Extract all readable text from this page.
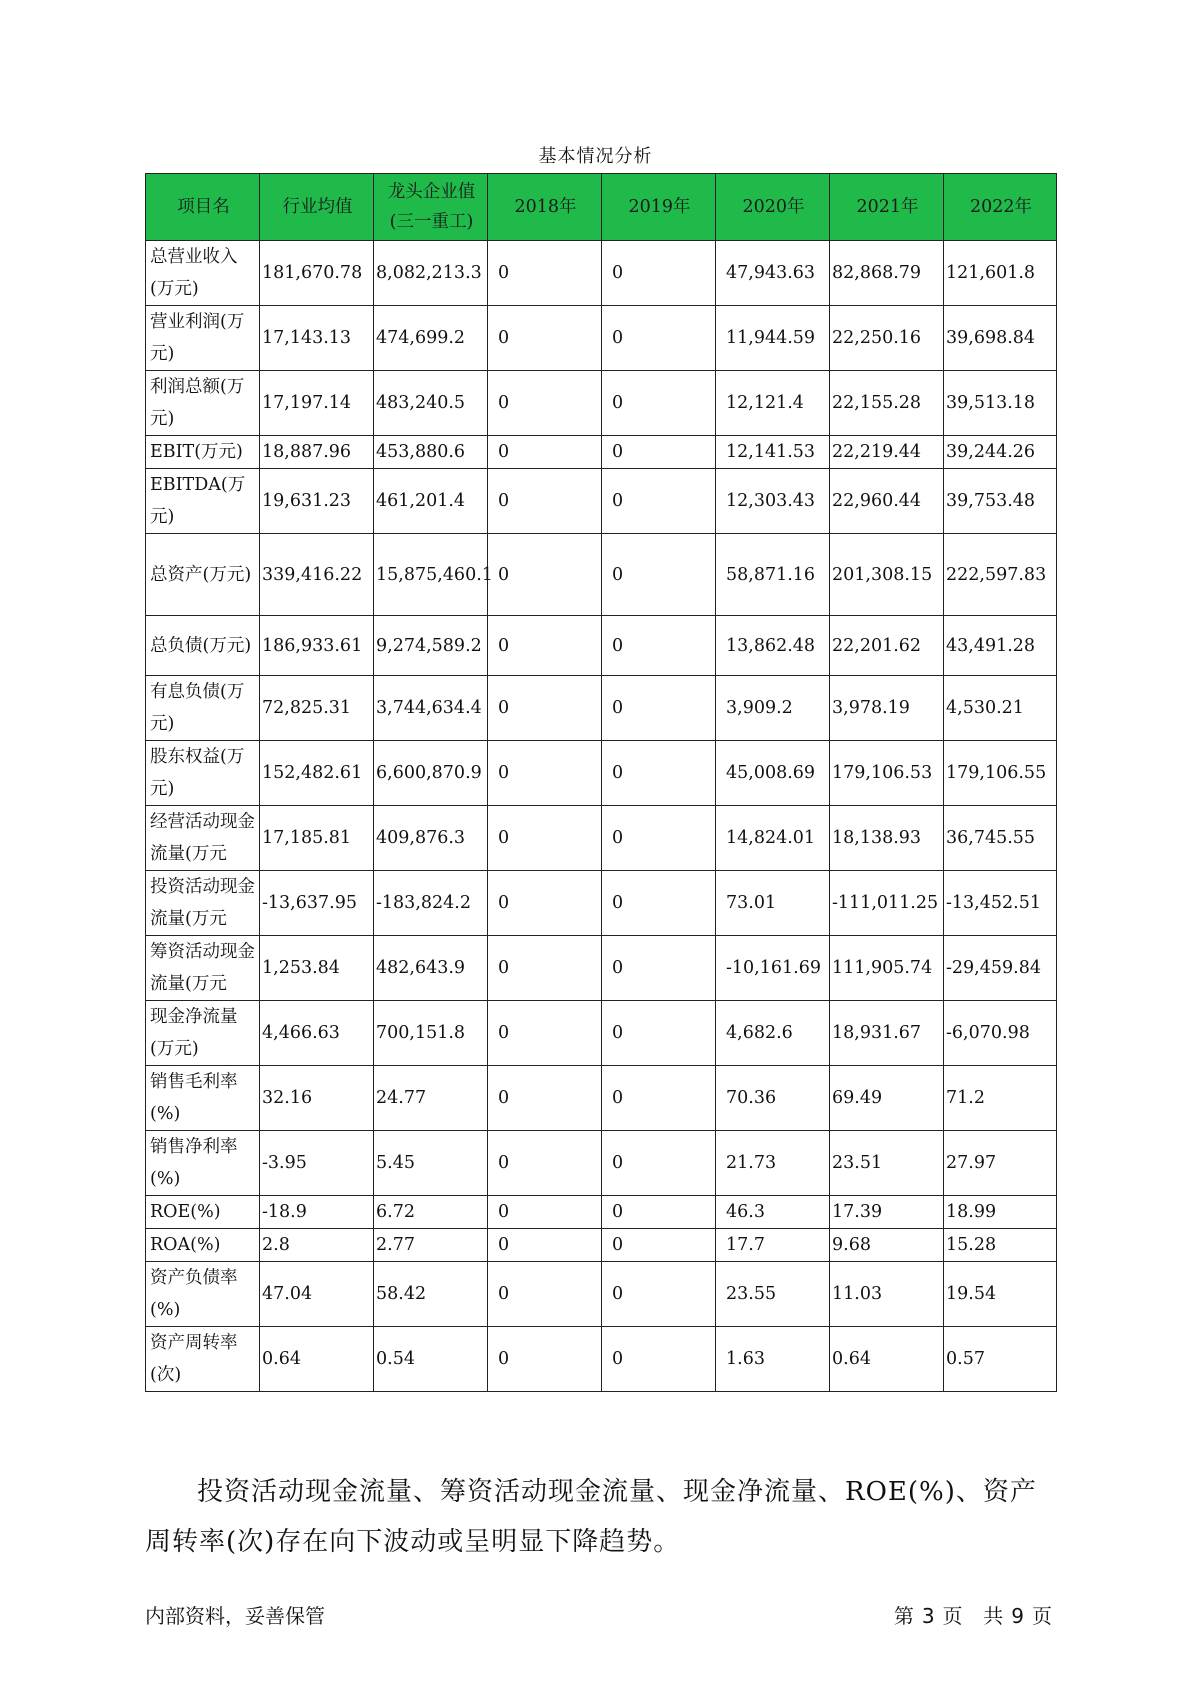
基本情况分析
项目名	行业均值	龙头企业值(三一重工)	2018年	2019年	2020年	2021年	2022年
总营业收入(万元)	181,670.78	8,082,213.3	0	0	47,943.63	82,868.79	121,601.8
营业利润(万元)	17,143.13	474,699.2	0	0	11,944.59	22,250.16	39,698.84
利润总额(万元)	17,197.14	483,240.5	0	0	12,121.4	22,155.28	39,513.18
EBIT(万元)	18,887.96	453,880.6	0	0	12,141.53	22,219.44	39,244.26
EBITDA(万元)	19,631.23	461,201.4	0	0	12,303.43	22,960.44	39,753.48
总资产(万元)	339,416.22	15,875,460.1	0	0	58,871.16	201,308.15	222,597.83
总负债(万元)	186,933.61	9,274,589.2	0	0	13,862.48	22,201.62	43,491.28
有息负债(万元)	72,825.31	3,744,634.4	0	0	3,909.2	3,978.19	4,530.21
股东权益(万元)	152,482.61	6,600,870.9	0	0	45,008.69	179,106.53	179,106.55
经营活动现金流量(万元	17,185.81	409,876.3	0	0	14,824.01	18,138.93	36,745.55
投资活动现金流量(万元	-13,637.95	-183,824.2	0	0	73.01	-111,011.25	-13,452.51
筹资活动现金流量(万元	1,253.84	482,643.9	0	0	-10,161.69	111,905.74	-29,459.84
现金净流量(万元)	4,466.63	700,151.8	0	0	4,682.6	18,931.67	-6,070.98
销售毛利率(%)	32.16	24.77	0	0	70.36	69.49	71.2
销售净利率(%)	-3.95	5.45	0	0	21.73	23.51	27.97
ROE(%)	-18.9	6.72	0	0	46.3	17.39	18.99
ROA(%)	2.8	2.77	0	0	17.7	9.68	15.28
资产负债率(%)	47.04	58.42	0	0	23.55	11.03	19.54
资产周转率(次)	0.64	0.54	0	0	1.63	0.64	0.57
投资活动现金流量、筹资活动现金流量、现金净流量、ROE(%)、资产周转率(次)存在向下波动或呈明显下降趋势。
内部资料，妥善保管	第 3 页 共 9 页
